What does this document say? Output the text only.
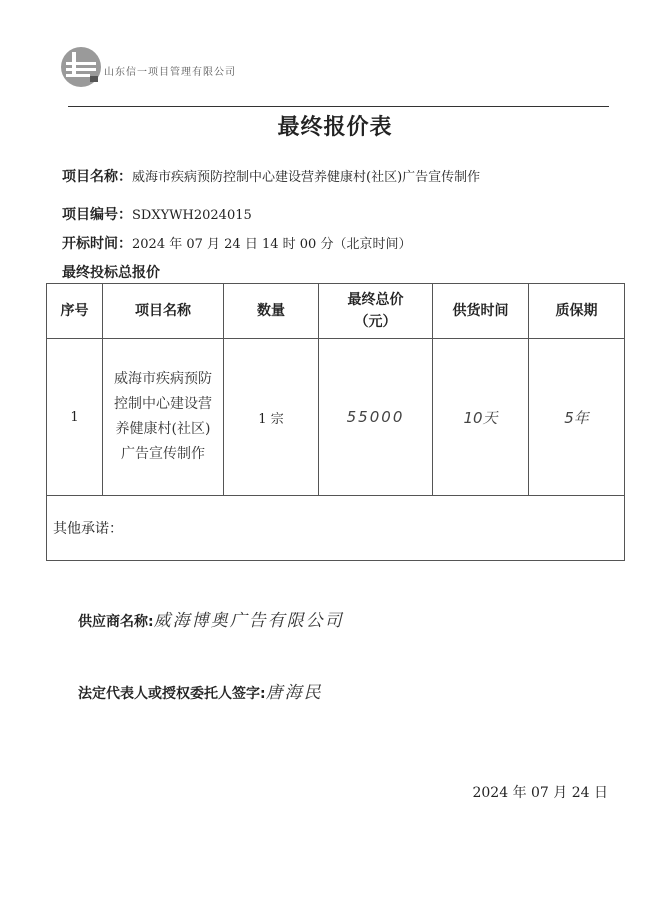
山东信一项目管理有限公司
最终报价表
项目名称：威海市疾病预防控制中心建设营养健康村(社区)广告宣传制作
项目编号：SDXYWH2024015
开标时间：2024 年 07 月 24 日 14 时 00 分（北京时间）
最终投标总报价
序号	项目名称	数量	最终总价（元）	供货时间	质保期
1	威海市疾病预防控制中心建设营养健康村(社区)广告宣传制作	1 宗	55000	10天	5年
其他承诺：					
供应商名称:威海博奥广告有限公司
法定代表人或授权委托人签字:唐海民
2024 年 07 月 24 日
